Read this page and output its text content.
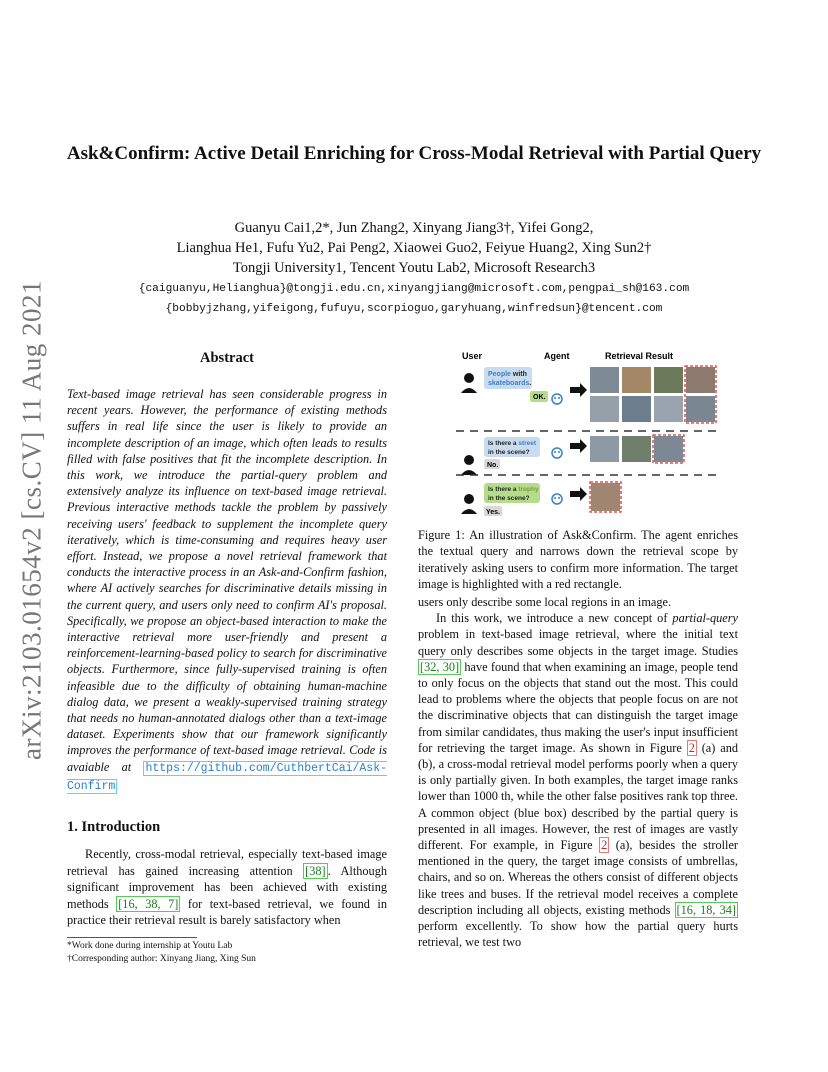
arXiv:2103.01654v2 [cs.CV] 11 Aug 2021
Ask&Confirm: Active Detail Enriching for Cross-Modal Retrieval with Partial Query
Guanyu Cai1,2*, Jun Zhang2, Xinyang Jiang3†, Yifei Gong2,
Lianghua He1, Fufu Yu2, Pai Peng2, Xiaowei Guo2, Feiyue Huang2, Xing Sun2†
Tongji University1, Tencent Youtu Lab2, Microsoft Research3
{caiguanyu,Helianghua}@tongji.edu.cn,xinyangjiang@microsoft.com,pengpai_sh@163.com
{bobbyjzhang,yifeigong,fufuyu,scorpioguo,garyhuang,winfredsun}@tencent.com
Abstract
Text-based image retrieval has seen considerable progress in recent years. However, the performance of existing methods suffers in real life since the user is likely to provide an incomplete description of an image, which often leads to results filled with false positives that fit the incomplete description. In this work, we introduce the partial-query problem and extensively analyze its influence on text-based image retrieval. Previous interactive methods tackle the problem by passively receiving users' feedback to supplement the incomplete query iteratively, which is time-consuming and requires heavy user effort. Instead, we propose a novel retrieval framework that conducts the interactive process in an Ask-and-Confirm fashion, where AI actively searches for discriminative details missing in the current query, and users only need to confirm AI's proposal. Specifically, we propose an object-based interaction to make the interactive retrieval more user-friendly and present a reinforcement-learning-based policy to search for discriminative objects. Furthermore, since fully-supervised training is often infeasible due to the difficulty of obtaining human-machine dialog data, we present a weakly-supervised training strategy that needs no human-annotated dialogs other than a text-image dataset. Experiments show that our framework significantly improves the performance of text-based image retrieval. Code is avaiable at https://github.com/CuthbertCai/Ask-Confirm
1. Introduction
Recently, cross-modal retrieval, especially text-based image retrieval has gained increasing attention [38] . Although significant improvement has been achieved with existing methods [16, 38, 7] for text-based retrieval, we found in practice their retrieval result is barely satisfactory when

*Work done during internship at Youtu Lab

†Corresponding author: Xinyang Jiang, Xing Sun

User	Agent	Retrieval Result
People with
skateboards.
OK.
Is there a street
in the scene?
No.
Is there a trophy
in the scene?
Yes.
Figure 1: An illustration of Ask&Confirm. The agent enriches the textual query and narrows down the retrieval scope by iteratively asking users to confirm more information. The target image is highlighted with a red rectangle.

users only describe some local regions in an image.

In this work, we introduce a new concept of partial-query problem in text-based image retrieval, where the initial text query only describes some objects in the target image. Studies [32, 30] have found that when examining an image, people tend to only focus on the objects that stand out the most. This could lead to problems where the objects that people focus on are not the discriminative objects that can distinguish the target image from similar candidates, thus making the user's input insufficient for retrieving the target image. As shown in Figure 2 (a) and (b), a cross-modal retrieval model performs poorly when a query is only partially given. In both examples, the target image ranks lower than 1000 th, while the other false positives rank top three. A common object (blue box) described by the partial query is presented in all images. However, the rest of images are vastly different. For example, in Figure 2 (a), besides the stroller mentioned in the query, the target image consists of umbrellas, chairs, and so on. Whereas the others consist of different objects like trees and buses. If the retrieval model receives a complete description including all objects, existing methods [16, 18, 34] perform excellently. To show how the partial query hurts retrieval, we test two
